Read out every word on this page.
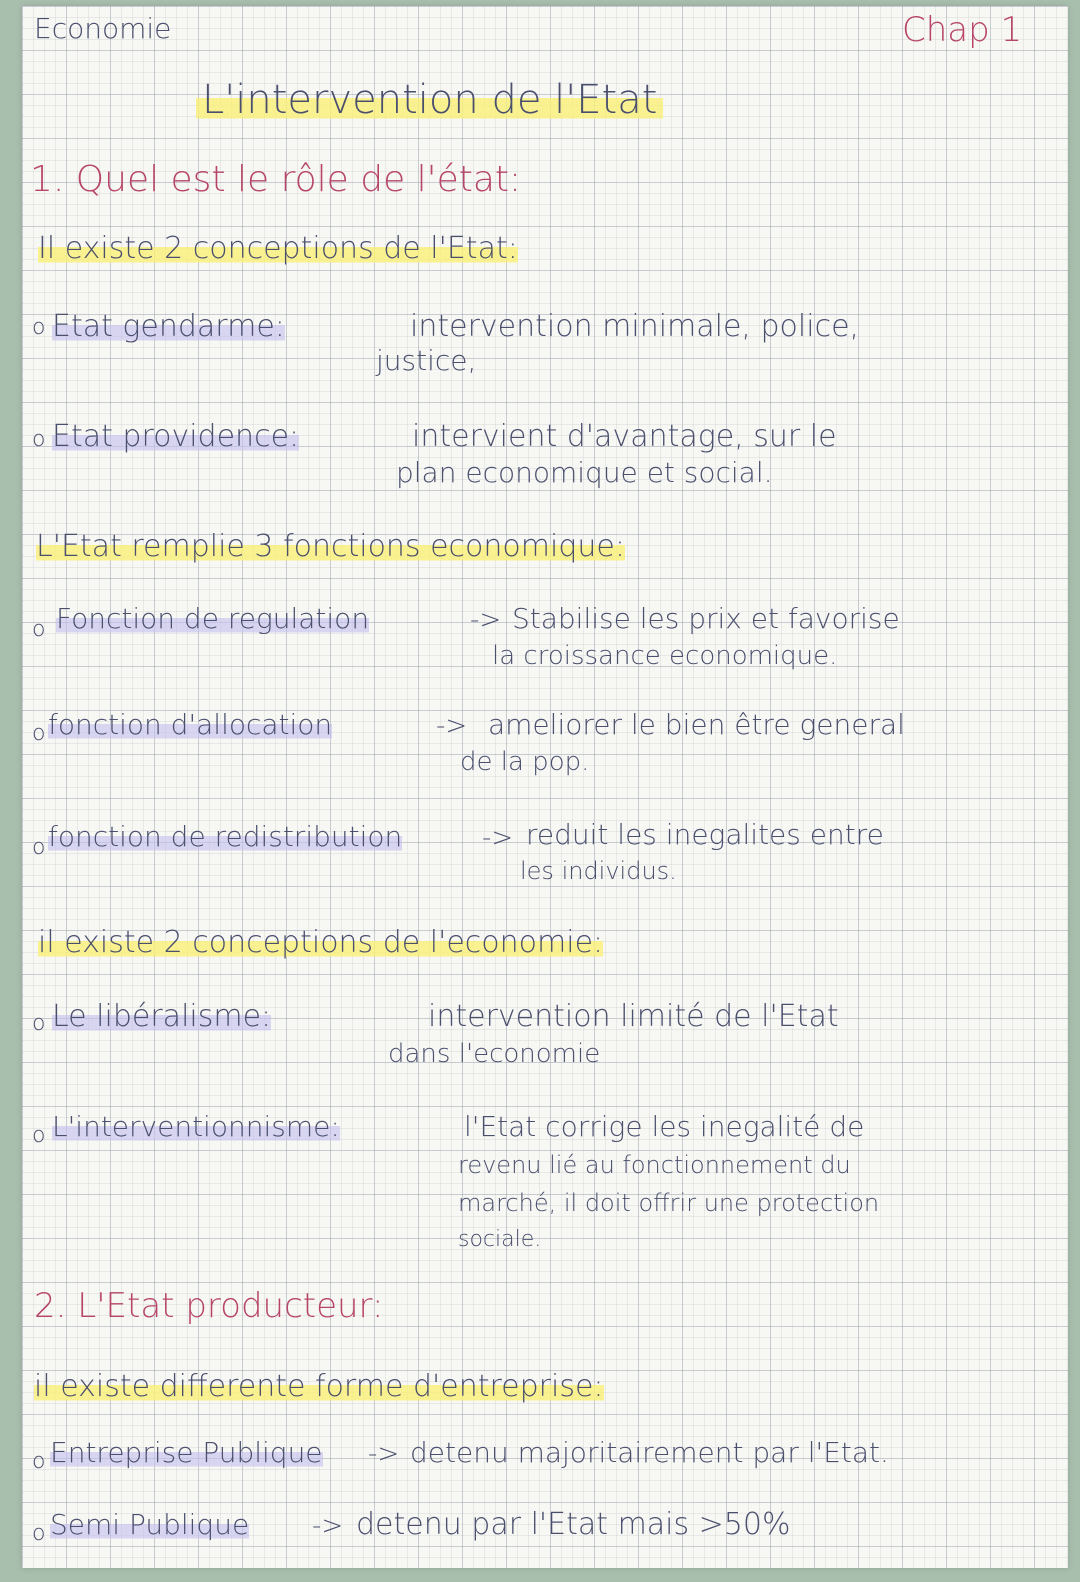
Economie	Chap 1
L'intervention de l'Etat
1. Quel est le rôle de l'état:
Il existe 2 conceptions de l'Etat:
o Etat gendarme:	intervention minimale, police,
justice,
o Etat providence:	intervient d'avantage, sur le
plan economique et social.
L'Etat remplie 3 fonctions economique:
o Fonction de regulation	-> Stabilise les prix et favorise
la croissance economique.
o fonction d'allocation	-> ameliorer le bien être general
de la pop.
o fonction de redistribution	-> reduit les inegalites entre
les individus.
il existe 2 conceptions de l'economie:
o Le libéralisme:	intervention limité de l'Etat
dans l'economie
o L'interventionnisme:	l'Etat corrige les inegalité de
revenu lié au fonctionnement du
marché, il doit offrir une protection
sociale.
2. L'Etat producteur:
il existe differente forme d'entreprise:
o Entreprise Publique -> detenu majoritairement par l'Etat.
o Semi Publique -> detenu par l'Etat mais >50%
